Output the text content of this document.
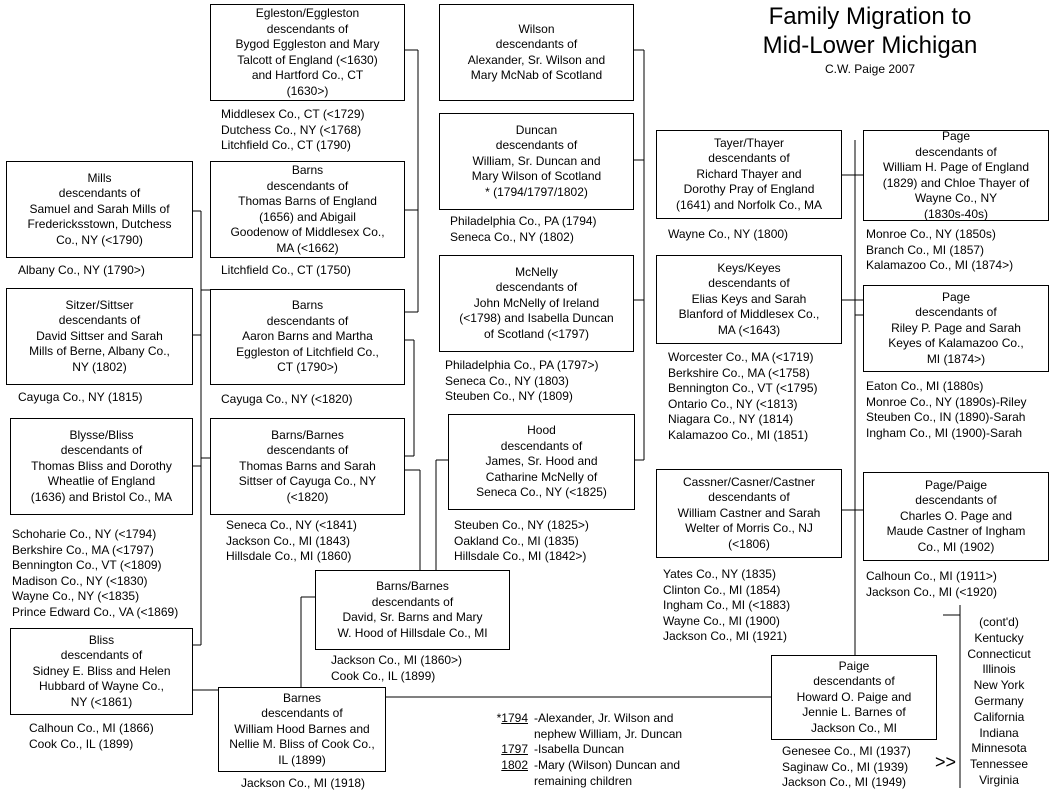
Family Migration to
Mid-Lower Michigan
C.W. Paige 2007
Egleston/Eggleston
descendants of
Bygod Eggleston and Mary
Talcott of England (<1630)
and Hartford Co., CT
(1630>)
Middlesex Co., CT (<1729)
Dutchess Co., NY (<1768)
Litchfield Co., CT (1790)
Wilson
descendants of
Alexander, Sr. Wilson and
Mary McNab of Scotland
Duncan
descendants of
William, Sr. Duncan and
Mary Wilson of Scotland
* (1794/1797/1802)
Philadelphia Co., PA (1794)
Seneca Co., NY (1802)
Mills
descendants of
Samuel and Sarah Mills of
Fredericksstown, Dutchess
Co., NY (<1790)
Albany Co., NY (1790>)
Barns
descendants of
Thomas Barns of England
(1656) and Abigail
Goodenow of Middlesex Co.,
MA (<1662)
Litchfield Co., CT (1750)
Tayer/Thayer
descendants of
Richard Thayer and
Dorothy Pray of England
(1641) and Norfolk Co., MA
Wayne Co., NY (1800)
Page
descendants of
William H. Page of England
(1829) and Chloe Thayer of
Wayne Co., NY
(1830s-40s)
Monroe Co., NY (1850s)
Branch Co., MI (1857)
Kalamazoo Co., MI (1874>)
Sitzer/Sittser
descendants of
David Sittser and Sarah
Mills of Berne, Albany Co.,
NY (1802)
Cayuga Co., NY (1815)
Barns
descendants of
Aaron Barns and Martha
Eggleston of Litchfield Co.,
CT (1790>)
Cayuga Co., NY (<1820)
McNelly
descendants of
John McNelly of Ireland
(<1798) and Isabella Duncan
of Scotland (<1797)
Philadelphia Co., PA (1797>)
Seneca Co., NY (1803)
Steuben Co., NY (1809)
Keys/Keyes
descendants of
Elias Keys and Sarah
Blanford of Middlesex Co.,
MA (<1643)
Worcester Co., MA (<1719)
Berkshire Co., MA (<1758)
Bennington Co., VT (<1795)
Ontario Co., NY (<1813)
Niagara Co., NY (1814)
Kalamazoo Co., MI (1851)
Page
descendants of
Riley P. Page and Sarah
Keyes of Kalamazoo Co.,
MI (1874>)
Eaton Co., MI (1880s)
Monroe Co., NY (1890s)-Riley
Steuben Co., IN (1890)-Sarah
Ingham Co., MI (1900)-Sarah
Blysse/Bliss
descendants of
Thomas Bliss and Dorothy
Wheatlie of England
(1636) and Bristol Co., MA
Schoharie Co., NY (<1794)
Berkshire Co., MA (<1797)
Bennington Co., VT (<1809)
Madison Co., NY (<1830)
Wayne Co., NY (<1835)
Prince Edward Co., VA (<1869)
Barns/Barnes
descendants of
Thomas Barns and Sarah
Sittser of Cayuga Co., NY
(<1820)
Seneca Co., NY (<1841)
Jackson Co., MI (1843)
Hillsdale Co., MI (1860)
Hood
descendants of
James, Sr. Hood and
Catharine McNelly of
Seneca Co., NY (<1825)
Steuben Co., NY (1825>)
Oakland Co., MI (1835)
Hillsdale Co., MI (1842>)
Cassner/Casner/Castner
descendants of
William Castner and Sarah
Welter of Morris Co., NJ
(<1806)
Yates Co., NY (1835)
Clinton Co., MI (1854)
Ingham Co., MI (<1883)
Wayne Co., MI (1900)
Jackson Co., MI (1921)
Page/Paige
descendants of
Charles O. Page and
Maude Castner of Ingham
Co., MI (1902)
Calhoun Co., MI (1911>)
Jackson Co., MI (<1920)
Barns/Barnes
descendants of
David, Sr. Barns and Mary
W. Hood of Hillsdale Co., MI
Jackson Co., MI (1860>)
Cook Co., IL (1899)
Bliss
descendants of
Sidney E. Bliss and Helen
Hubbard of Wayne Co.,
NY (<1861)
Calhoun Co., MI (1866)
Cook Co., IL (1899)
Barnes
descendants of
William Hood Barnes and
Nellie M. Bliss of Cook Co.,
IL (1899)
Jackson Co., MI (1918)
Paige
descendants of
Howard O. Paige and
Jennie L. Barnes of
Jackson Co., MI
Genesee Co., MI (1937)
Saginaw Co., MI (1939)
Jackson Co., MI (1949)
*1794 -Alexander, Jr. Wilson and
nephew William, Jr. Duncan
1797 -Isabella Duncan
1802 -Mary (Wilson) Duncan and
remaining children
(cont'd)
Kentucky
Connecticut
Illinois
New York
Germany
California
Indiana
Minnesota
Tennessee
Virginia
>>
